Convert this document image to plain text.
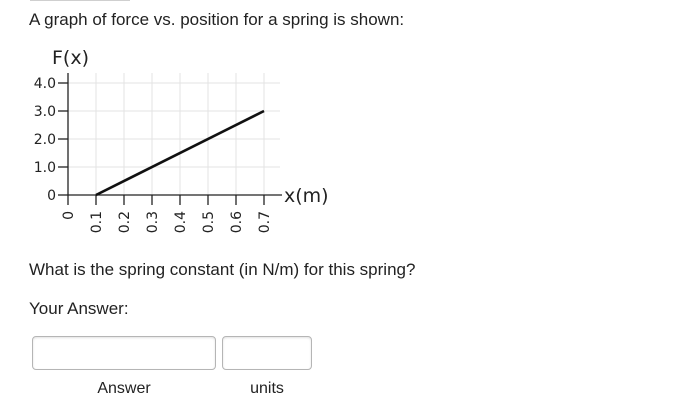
A graph of force vs. position for a spring is shown:
0
1.0
2.0
3.0
4.0
0 0.1 0.2 0.3 0.4 0.5 0.6 0.7
F(x)
x(m)
What is the spring constant (in N/m) for this spring?
Your Answer:
Answer	units
